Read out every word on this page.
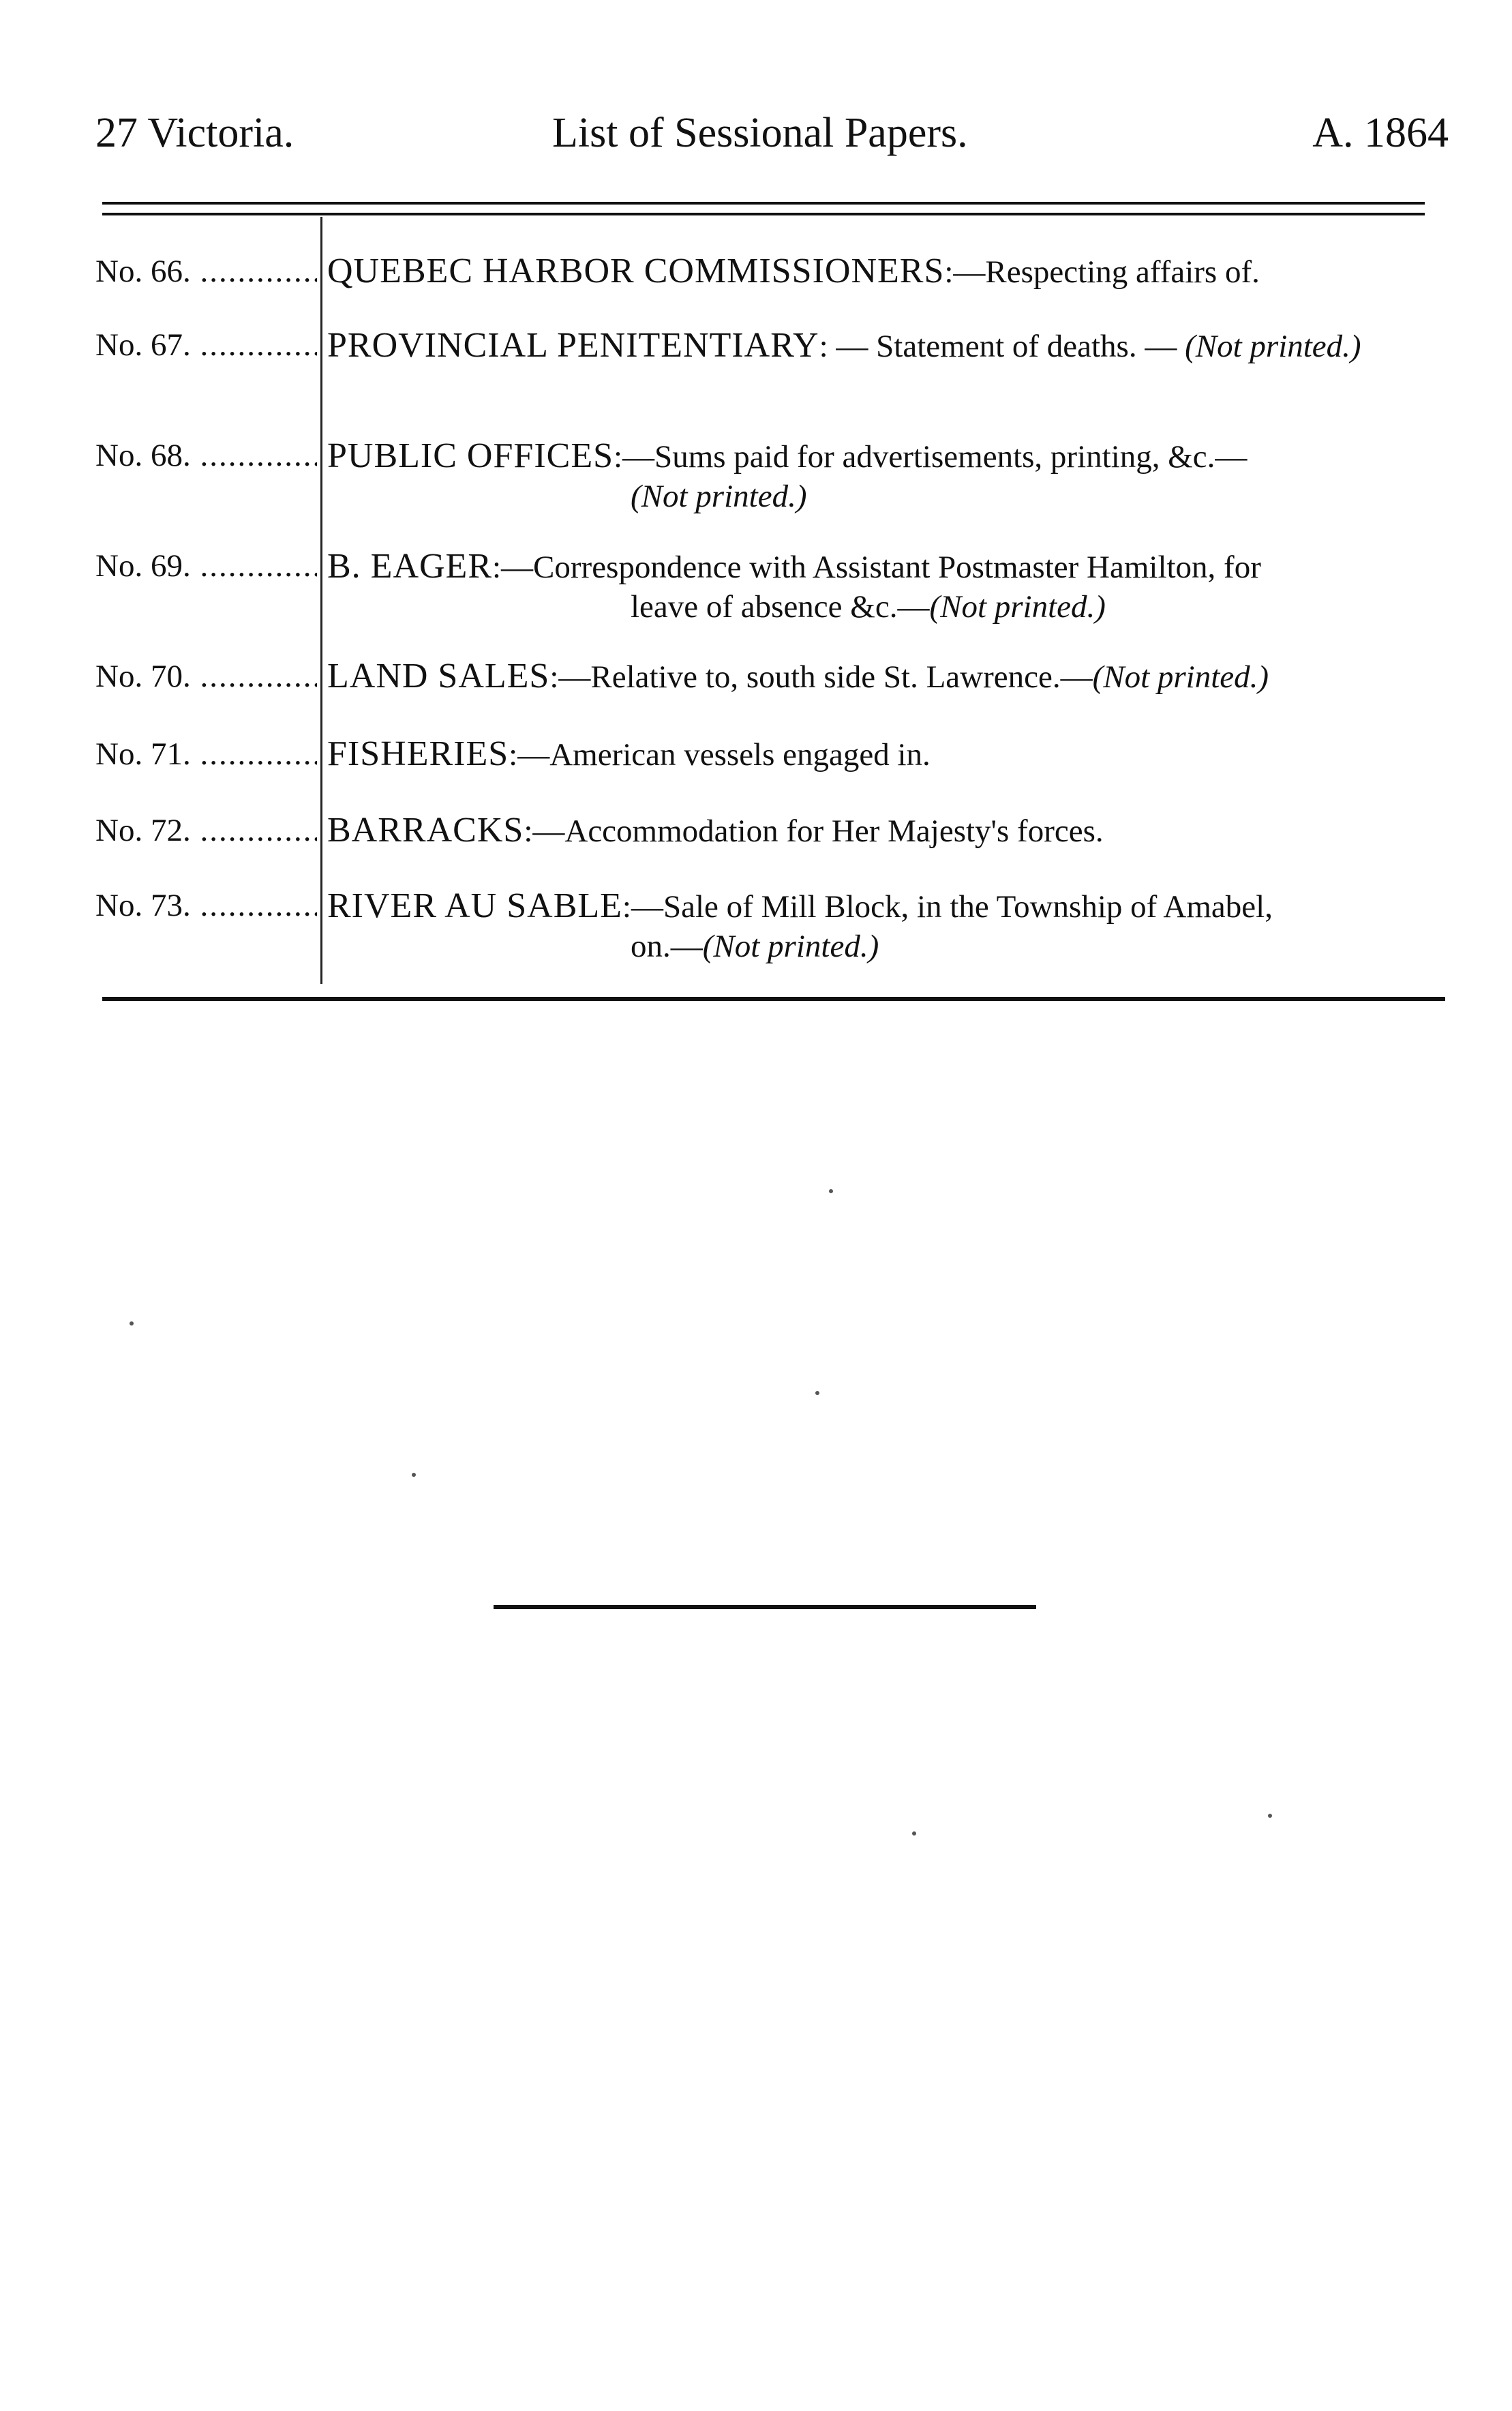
27 Victoria.	List of Sessional Papers.	A. 1864
No. 66. .....	QUEBEC HARBOR COMMISSIONERS:—Respecting affairs of.
No. 67. .....	PROVINCIAL PENITENTIARY: — Statement of deaths. — (Not printed.)
No. 68. .....	PUBLIC OFFICES:—Sums paid for advertisements, printing, &c.—
(Not printed.)
No. 69. .....	B. EAGER:—Correspondence with Assistant Postmaster Hamilton, for
leave of absence &c.—(Not printed.)
No. 70. .....	LAND SALES:—Relative to, south side St. Lawrence.—(Not printed.)
No. 71. .....	FISHERIES:—American vessels engaged in.
No. 72. .....	BARRACKS:—Accommodation for Her Majesty's forces.
No. 73. .....	RIVER AU SABLE:—Sale of Mill Block, in the Township of Amabel,
on.—(Not printed.)
